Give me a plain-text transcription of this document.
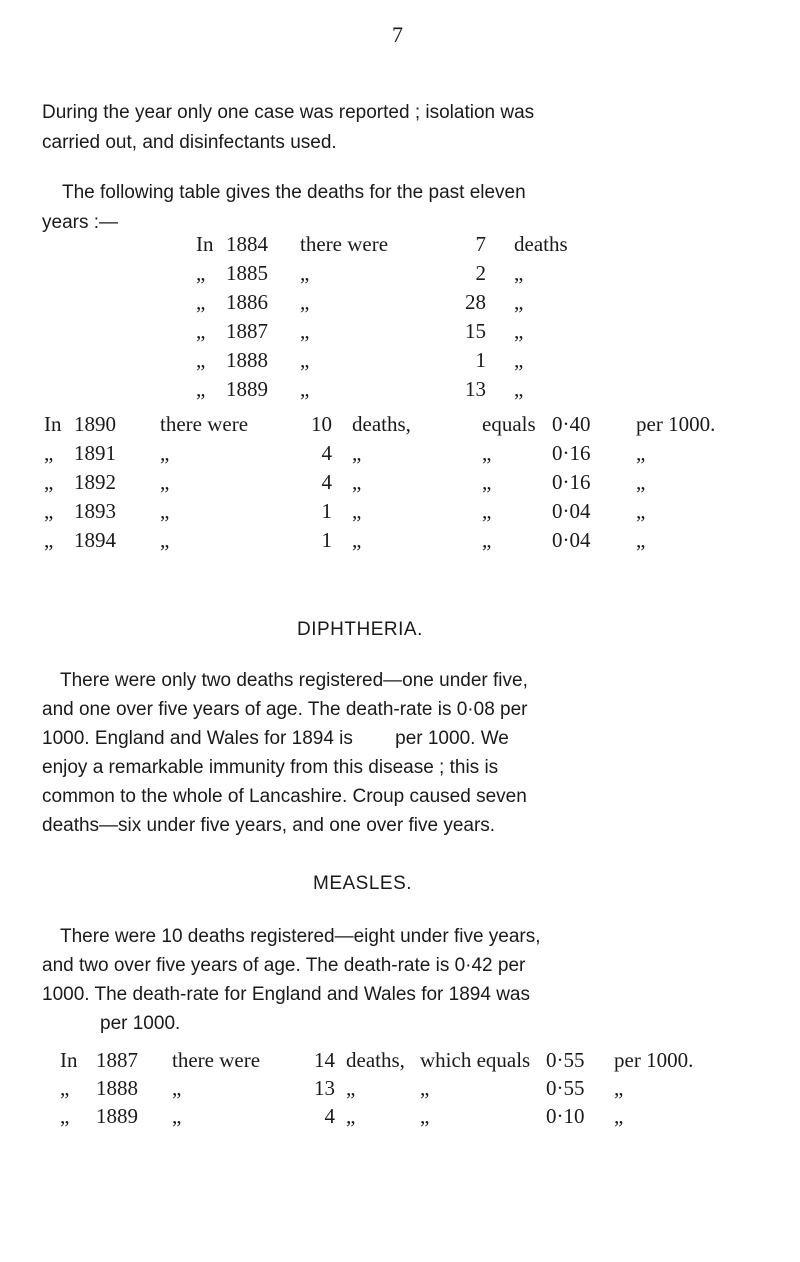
7
During the year only one case was reported ; isolation was
carried out, and disinfectants used.
The following table gives the deaths for the past eleven
years :—
In 1884 there were	7 deaths
„ 1885 „	2 „
„ 1886 „	28 „
„ 1887 „	15 „
„ 1888 „	1 „
„ 1889 „	13 „
In 1890 there were	10 deaths,	equals 0·40 per 1000.
„ 1891 „	4 „	„	0·16 „
„ 1892 „	4 „	„	0·16 „
„ 1893 „	1 „	„	0·04 „
„ 1894 „	1 „	„	0·04 „
DIPHTHERIA.
There were only two deaths registered—one under five,
and one over five years of age. The death-rate is 0·08 per
1000. England and Wales for 1894 is        per 1000. We
enjoy a remarkable immunity from this disease ; this is
common to the whole of Lancashire. Croup caused seven
deaths—six under five years, and one over five years.
MEASLES.
There were 10 deaths registered—eight under five years,
and two over five years of age. The death-rate is 0·42 per
1000. The death-rate for England and Wales for 1894 was
per 1000.
In 1887 there were	14 deaths, which equals 0·55 per 1000.
„ 1888 „	13 „	„	0·55 „
„ 1889 „	4 „	„	0·10 „
